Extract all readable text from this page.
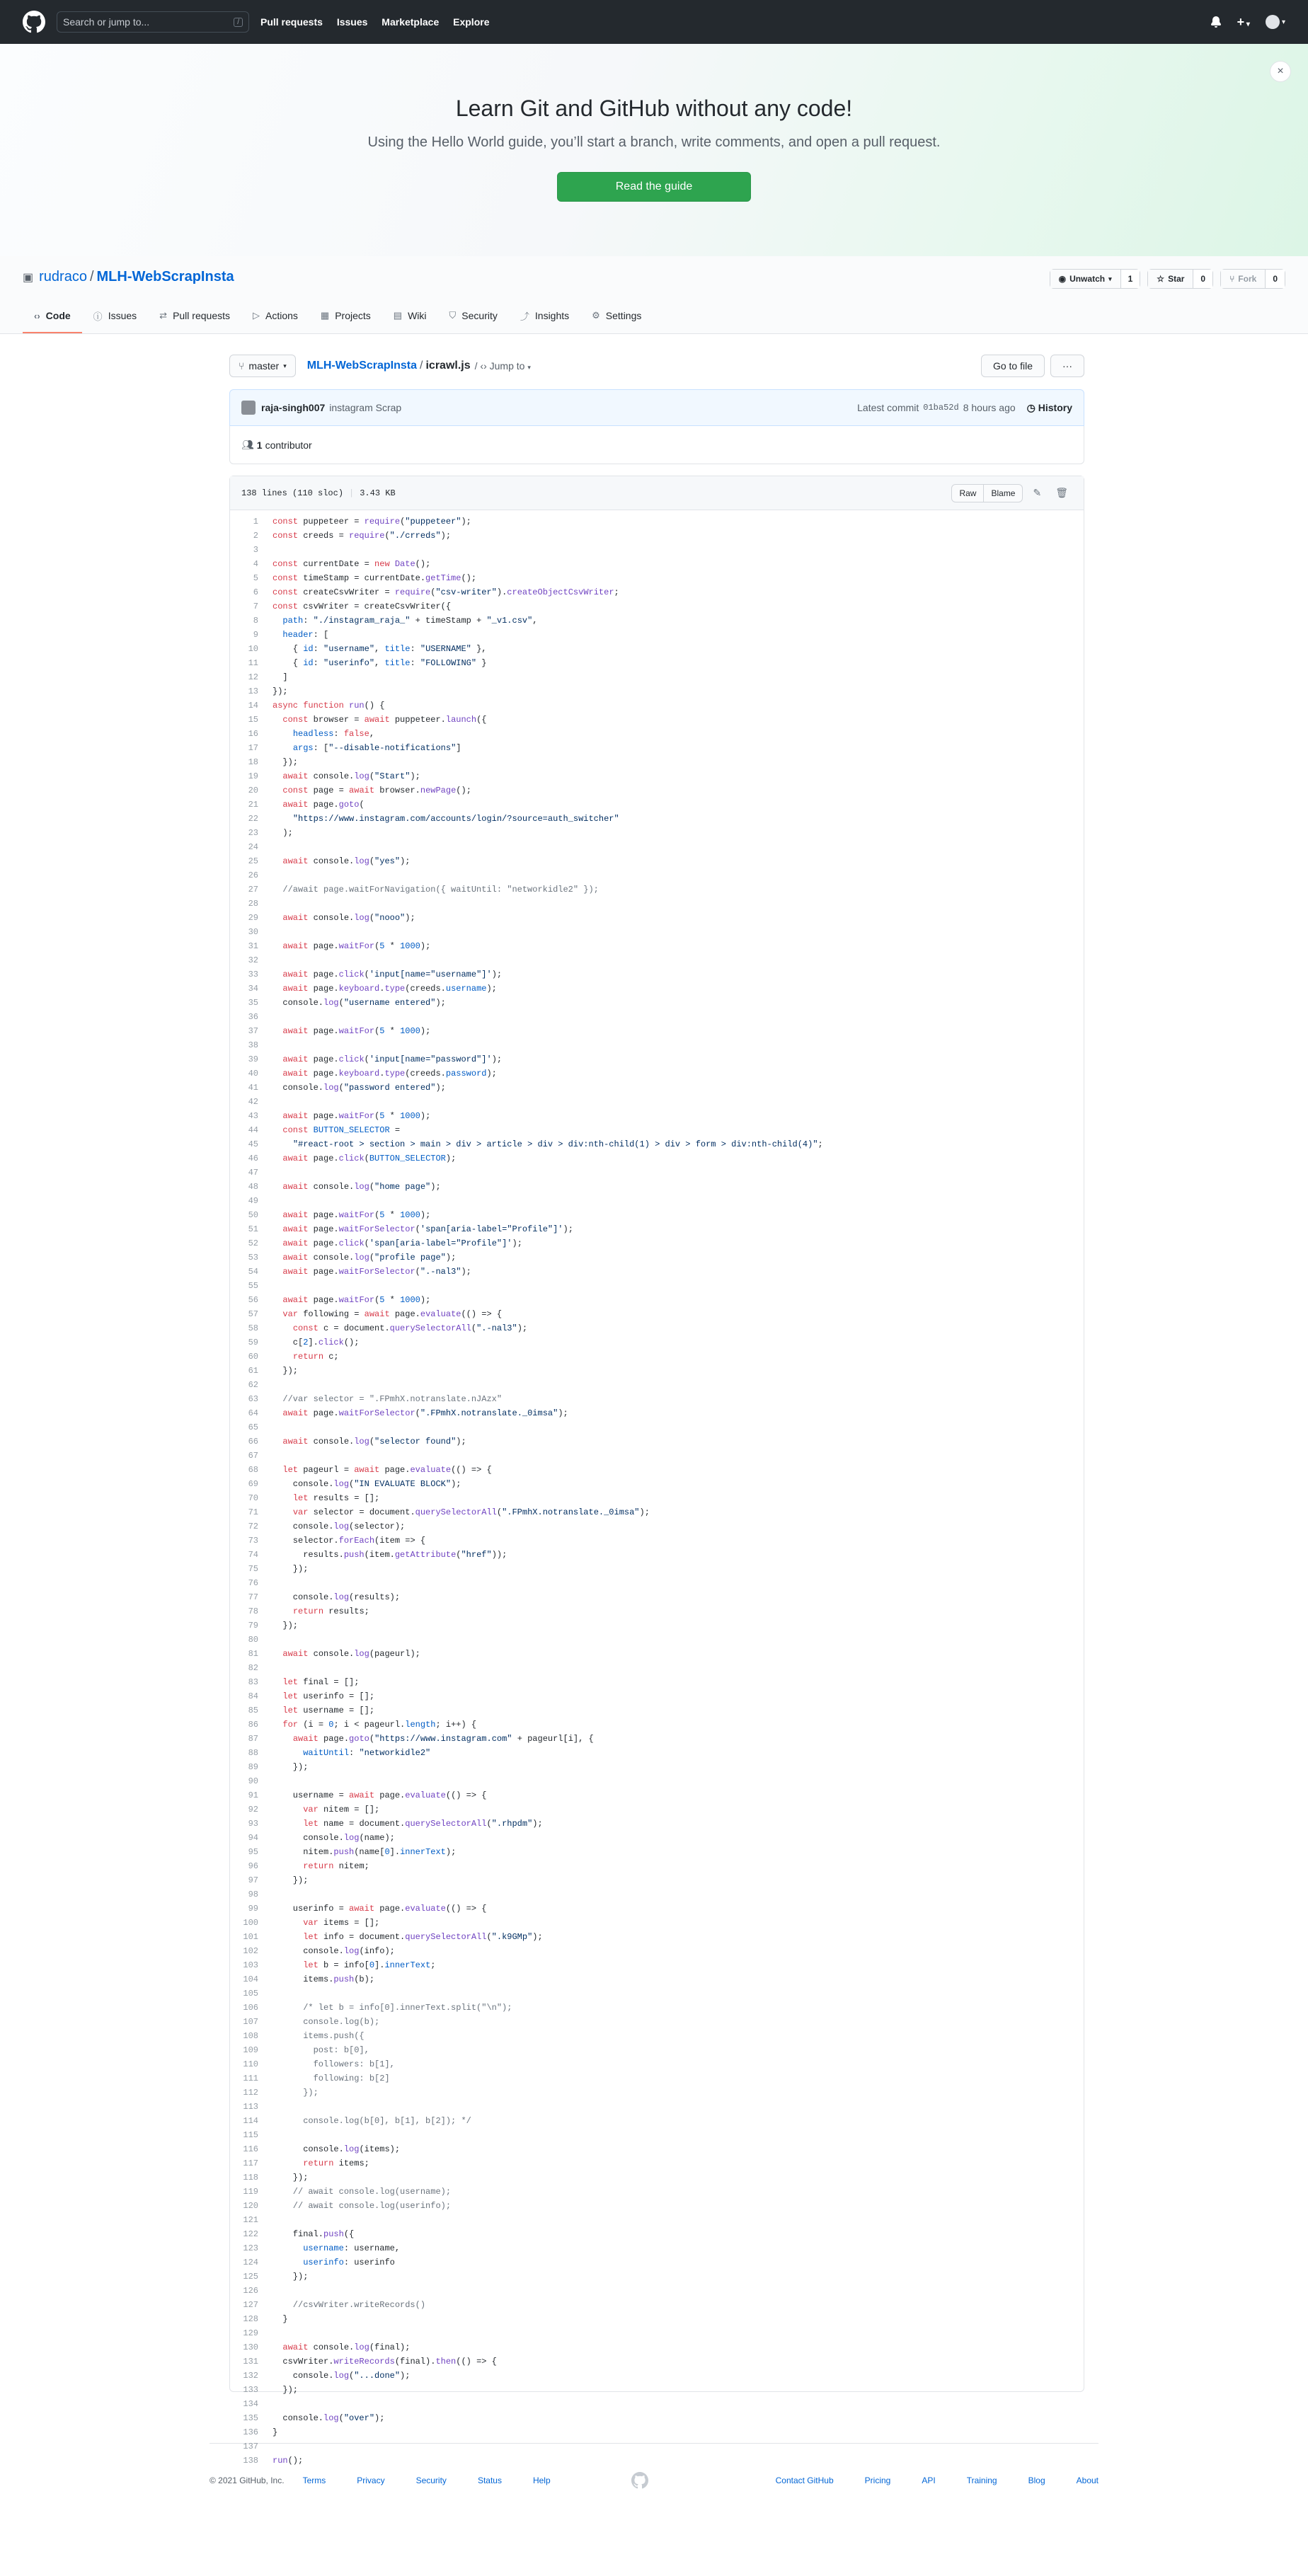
Search or jump to...	/	Pull requests Issues Marketplace Explore	+ ▾	▾
×
Learn Git and GitHub without any code!

Using the Hello World guide, you’ll start a branch, write comments, and open a pull request.

Read the guide
▣ rudraco / MLH-WebScrapInsta	◉ Unwatch ▾	1	☆ Star	0	⑂ Fork	0
‹› Code ⓘ Issues ⇄ Pull requests ▷ Actions ▦ Projects ▤ Wiki ⛉ Security ⤴ Insights ⚙ Settings
⑂ master ▾ MLH-WebScrapInsta / icrawl.js / ‹› Jump to ▾	Go to file	···
raja-singh007 instagram Scrap	Latest commit 01ba52d 8 hours ago ◷ History
👥︎ 1 contributor
138 lines (110 sloc) | 3.43 KB	Raw	Blame	✎	🗑︎
1	const puppeteer = require("puppeteer");
2	const creeds = require("./crreds");
3
4	const currentDate = new Date();
5	const timeStamp = currentDate.getTime();
6	const createCsvWriter = require("csv-writer").createObjectCsvWriter;
7	const csvWriter = createCsvWriter({
8	path: "./instagram_raja_" + timeStamp + "_v1.csv",
9	header: [
10	{ id: "username", title: "USERNAME" },
11	{ id: "userinfo", title: "FOLLOWING" }
12	]
13	});
14	async function run() {
15	const browser = await puppeteer.launch({
16	headless: false,
17	args: ["--disable-notifications"]
18	});
19	await console.log("Start");
20	const page = await browser.newPage();
21	await page.goto(
22	"https://www.instagram.com/accounts/login/?source=auth_switcher"
23	);
24
25	await console.log("yes");
26
27	//await page.waitForNavigation({ waitUntil: "networkidle2" });
28
29	await console.log("nooo");
30
31	await page.waitFor(5 * 1000);
32
33	await page.click('input[name="username"]');
34	await page.keyboard.type(creeds.username);
35	console.log("username entered");
36
37	await page.waitFor(5 * 1000);
38
39	await page.click('input[name="password"]');
40	await page.keyboard.type(creeds.password);
41	console.log("password entered");
42
43	await page.waitFor(5 * 1000);
44	const BUTTON_SELECTOR =
45	"#react-root > section > main > div > article > div > div:nth-child(1) > div > form > div:nth-child(4)";
46	await page.click(BUTTON_SELECTOR);
47
48	await console.log("home page");
49
50	await page.waitFor(5 * 1000);
51	await page.waitForSelector('span[aria-label="Profile"]');
52	await page.click('span[aria-label="Profile"]');
53	await console.log("profile page");
54	await page.waitForSelector(".-nal3");
55
56	await page.waitFor(5 * 1000);
57	var following = await page.evaluate(() => {
58	const c = document.querySelectorAll(".-nal3");
59	c[2].click();
60	return c;
61	});
62
63	//var selector = ".FPmhX.notranslate.nJAzx"
64	await page.waitForSelector(".FPmhX.notranslate._0imsa");
65
66	await console.log("selector found");
67
68	let pageurl = await page.evaluate(() => {
69	console.log("IN EVALUATE BLOCK");
70	let results = [];
71	var selector = document.querySelectorAll(".FPmhX.notranslate._0imsa");
72	console.log(selector);
73	selector.forEach(item => {
74	results.push(item.getAttribute("href"));
75	});
76
77	console.log(results);
78	return results;
79	});
80
81	await console.log(pageurl);
82
83	let final = [];
84	let userinfo = [];
85	let username = [];
86	for (i = 0; i < pageurl.length; i++) {
87	await page.goto("https://www.instagram.com" + pageurl[i], {
88	waitUntil: "networkidle2"
89	});
90
91	username = await page.evaluate(() => {
92	var nitem = [];
93	let name = document.querySelectorAll(".rhpdm");
94	console.log(name);
95	nitem.push(name[0].innerText);
96	return nitem;
97	});
98
99	userinfo = await page.evaluate(() => {
100	var items = [];
101	let info = document.querySelectorAll(".k9GMp");
102	console.log(info);
103	let b = info[0].innerText;
104	items.push(b);
105
106	/* let b = info[0].innerText.split("\n");
107	console.log(b);
108	items.push({
109	post: b[0],
110	followers: b[1],
111	following: b[2]
112	});
113
114	console.log(b[0], b[1], b[2]); */
115
116	console.log(items);
117	return items;
118	});
119	// await console.log(username);
120	// await console.log(userinfo);
121
122	final.push({
123	username: username,
124	userinfo: userinfo
125	});
126
127	//csvWriter.writeRecords()
128	}
129
130	await console.log(final);
131	csvWriter.writeRecords(final).then(() => {
132	console.log("...done");
133	});
134
135	console.log("over");
136	}
137
138	run();
© 2021 GitHub, Inc. Terms	Privacy	Security	Status	Help	Contact GitHub	Pricing	API	Training	Blog	About
